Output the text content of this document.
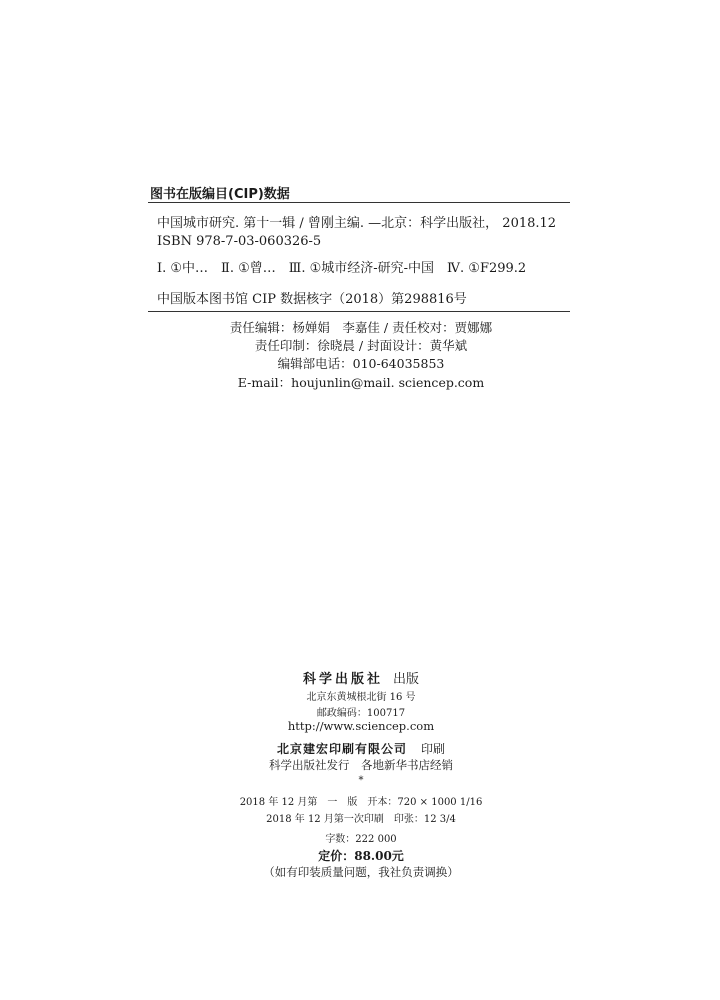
图书在版编目(CIP)数据
中国城市研究. 第十一辑 / 曾刚主编. —北京：科学出版社， 2018.12
ISBN 978-7-03-060326-5
Ⅰ. ①中…　Ⅱ. ①曾…　Ⅲ. ①城市经济-研究-中国　Ⅳ. ①F299.2
中国版本图书馆 CIP 数据核字（2018）第298816号
责任编辑：杨婵娟　李嘉佳 / 责任校对：贾娜娜
责任印制：徐晓晨 / 封面设计：黄华斌
编辑部电话：010-64035853
E-mail：houjunlin@mail. sciencep.com
科学出版社 出版
北京东黄城根北街 16 号
邮政编码：100717
http://www.sciencep.com
北京建宏印刷有限公司 印刷
科学出版社发行　各地新华书店经销
*
2018 年 12 月第　一　版　开本：720 × 1000 1/16
2018 年 12 月第一次印刷　印张：12 3/4
字数：222 000
定价：88.00元
（如有印装质量问题，我社负责调换）
